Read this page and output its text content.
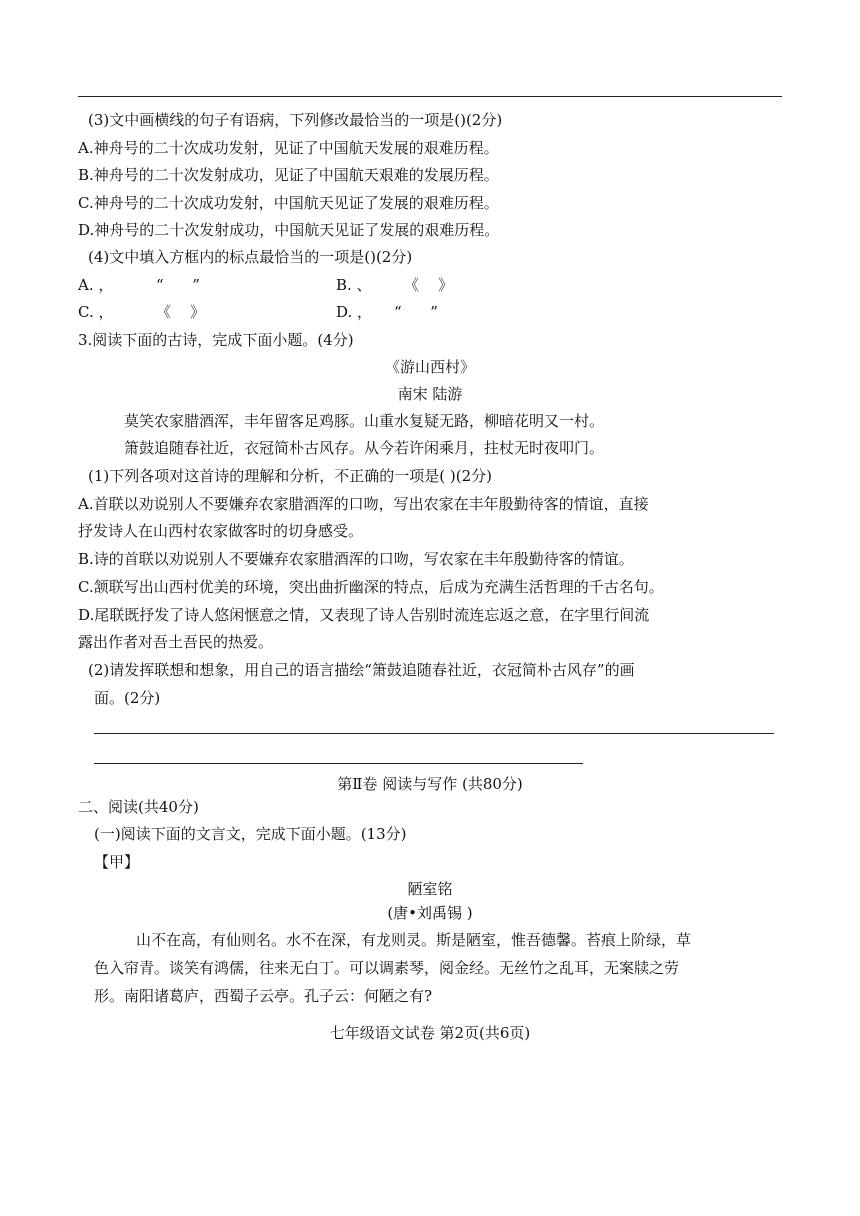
(3)文中画横线的句子有语病，下列修改最恰当的一项是()(2分)
A.神舟号的二十次成功发射，见证了中国航天发展的艰难历程。
B.神舟号的二十次发射成功，见证了中国航天艰难的发展历程。
C.神舟号的二十次成功发射，中国航天见证了发展的艰难历程。
D.神舟号的二十次发射成功，中国航天见证了发展的艰难历程。
(4)文中填入方框内的标点最恰当的一项是()(2分)
A. ，	“      ”	B. 、 《    》
C. ，	《    》	D. ， “      ”
3.阅读下面的古诗，完成下面小题。(4分)
《游山西村》
南宋 陆游
莫笑农家腊酒浑，丰年留客足鸡豚。山重水复疑无路，柳暗花明又一村。
箫鼓追随春社近，衣冠简朴古风存。从今若许闲乘月，拄杖无时夜叩门。
(1)下列各项对这首诗的理解和分析，不正确的一项是( )(2分)
A.首联以劝说别人不要嫌弃农家腊酒浑的口吻，写出农家在丰年殷勤待客的情谊，直接
抒发诗人在山西村农家做客时的切身感受。
B.诗的首联以劝说别人不要嫌弃农家腊酒浑的口吻，写农家在丰年殷勤待客的情谊。
C.颔联写出山西村优美的环境，突出曲折幽深的特点，后成为充满生活哲理的千古名句。
D.尾联既抒发了诗人悠闲惬意之情，又表现了诗人告别时流连忘返之意，在字里行间流
露出作者对吾土吾民的热爱。
(2)请发挥联想和想象，用自己的语言描绘“箫鼓追随春社近，衣冠简朴古风存”的画
面。(2分)
第Ⅱ卷 阅读与写作 (共80分)
二、阅读(共40分)
(一)阅读下面的文言文，完成下面小题。(13分)
【甲】
陋室铭
(唐•刘禹锡 )
山不在高，有仙则名。水不在深，有龙则灵。斯是陋室，惟吾德馨。苔痕上阶绿，草
色入帘青。谈笑有鸿儒，往来无白丁。可以调素琴，阅金经。无丝竹之乱耳，无案牍之劳
形。南阳诸葛庐，西蜀子云亭。孔子云：何陋之有?
七年级语文试卷 第2页(共6页)
